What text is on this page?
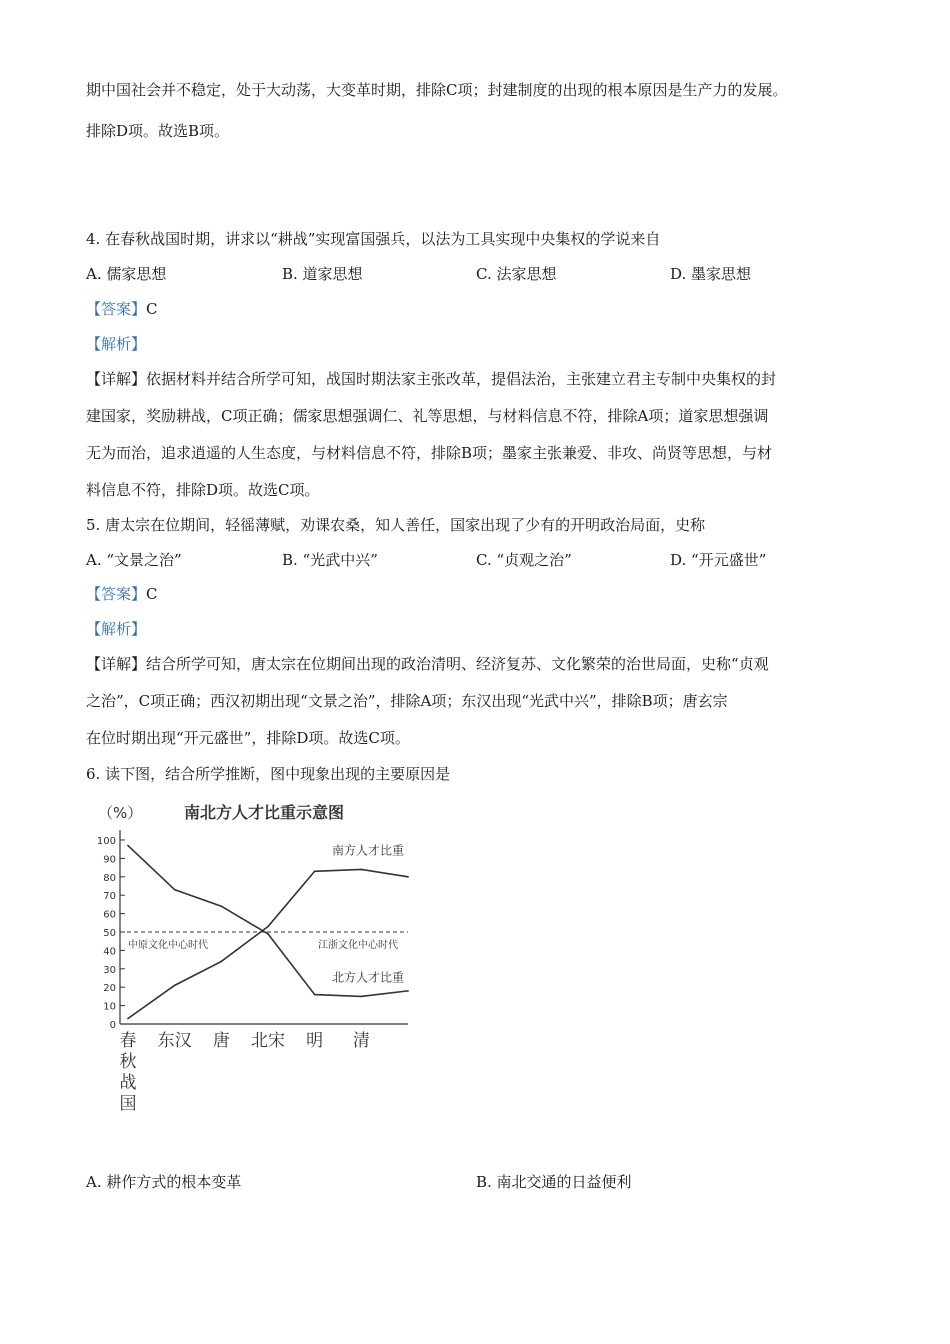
期中国社会并不稳定，处于大动荡，大变革时期，排除C项；封建制度的出现的根本原因是生产力的发展。
排除D项。故选B项。
4. 在春秋战国时期，讲求以“耕战”实现富国强兵，以法为工具实现中央集权的学说来自
A. 儒家思想	B. 道家思想	C. 法家思想	D. 墨家思想
【答案】C
【解析】
【详解】依据材料并结合所学可知，战国时期法家主张改革，提倡法治，主张建立君主专制中央集权的封
建国家，奖励耕战，C项正确；儒家思想强调仁、礼等思想，与材料信息不符，排除A项；道家思想强调
无为而治，追求逍遥的人生态度，与材料信息不符，排除B项；墨家主张兼爱、非攻、尚贤等思想，与材
料信息不符，排除D项。故选C项。
5. 唐太宗在位期间，轻徭薄赋，劝课农桑，知人善任，国家出现了少有的开明政治局面，史称
A. “文景之治”	B. “光武中兴”	C. “贞观之治”	D. “开元盛世”
【答案】C
【解析】
【详解】结合所学可知，唐太宗在位期间出现的政治清明、经济复苏、文化繁荣的治世局面，史称“贞观
之治”，C项正确；西汉初期出现“文景之治”，排除A项；东汉出现“光武中兴”，排除B项；唐玄宗
在位时期出现“开元盛世”，排除D项。故选C项。
6. 读下图，结合所学推断，图中现象出现的主要原因是
（%）	南北方人才比重示意图
0
10
20
30
40
50
60
70
80
90
100
春
秋
战
国
东汉 唐 北宋 明 清
中原文化中心时代	江浙文化中心时代
南方人才比重
北方人才比重
A. 耕作方式的根本变革	B. 南北交通的日益便利
